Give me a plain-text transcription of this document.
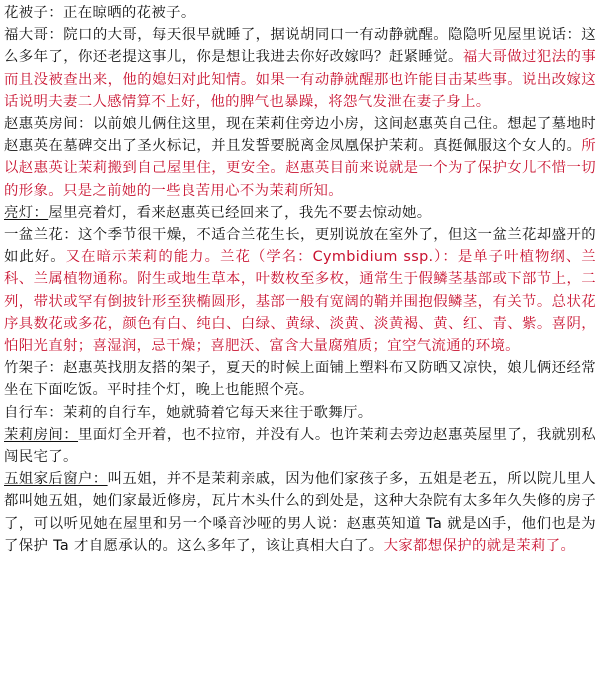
花被子：正在晾晒的花被子。

福大哥：院口的大哥，每天很早就睡了，据说胡同口一有动静就醒。隐隐听见屋里说话：这么多年了，你还老提这事儿，你是想让我进去你好改嫁吗？赶紧睡觉。福大哥做过犯法的事而且没被查出来，他的媳妇对此知情。如果一有动静就醒那也许能目击某些事。说出改嫁这话说明夫妻二人感情算不上好，他的脾气也暴躁，将怨气发泄在妻子身上。

赵惠英房间：以前娘儿俩住这里，现在茉莉住旁边小房，这间赵惠英自己住。想起了墓地时赵惠英在墓碑交出了圣火标记，并且发誓要脱离金凤凰保护茉莉。真挺佩服这个女人的。所以赵惠英让茉莉搬到自己屋里住，更安全。赵惠英目前来说就是一个为了保护女儿不惜一切的形象。只是之前她的一些良苦用心不为茉莉所知。

亮灯：屋里亮着灯，看来赵惠英已经回来了，我先不要去惊动她。

一盆兰花：这个季节很干燥，不适合兰花生长，更别说放在室外了，但这一盆兰花却盛开的如此好。又在暗示茉莉的能力。兰花（学名：Cymbidium ssp.）：是单子叶植物纲、兰科、兰属植物通称。附生或地生草本，叶数枚至多枚，通常生于假鳞茎基部或下部节上，二列，带状或罕有倒披针形至狭椭圆形，基部一般有宽阔的鞘并围抱假鳞茎，有关节。总状花序具数花或多花，颜色有白、纯白、白绿、黄绿、淡黄、淡黄褐、黄、红、青、紫。喜阴，怕阳光直射；喜湿润，忌干燥；喜肥沃、富含大量腐殖质；宜空气流通的环境。

竹架子：赵惠英找朋友搭的架子，夏天的时候上面铺上塑料布又防晒又凉快，娘儿俩还经常坐在下面吃饭。平时挂个灯，晚上也能照个亮。

自行车：茉莉的自行车，她就骑着它每天来往于歌舞厅。

茉莉房间：里面灯全开着，也不拉帘，并没有人。也许茉莉去旁边赵惠英屋里了，我就别私闯民宅了。

五姐家后窗户：叫五姐，并不是茉莉亲戚，因为他们家孩子多，五姐是老五，所以院儿里人都叫她五姐，她们家最近修房，瓦片木头什么的到处是，这种大杂院有太多年久失修的房子了，可以听见她在屋里和另一个嗓音沙哑的男人说：赵惠英知道 Ta 就是凶手，他们也是为了保护 Ta 才自愿承认的。这么多年了，该让真相大白了。大家都想保护的就是茉莉了。
